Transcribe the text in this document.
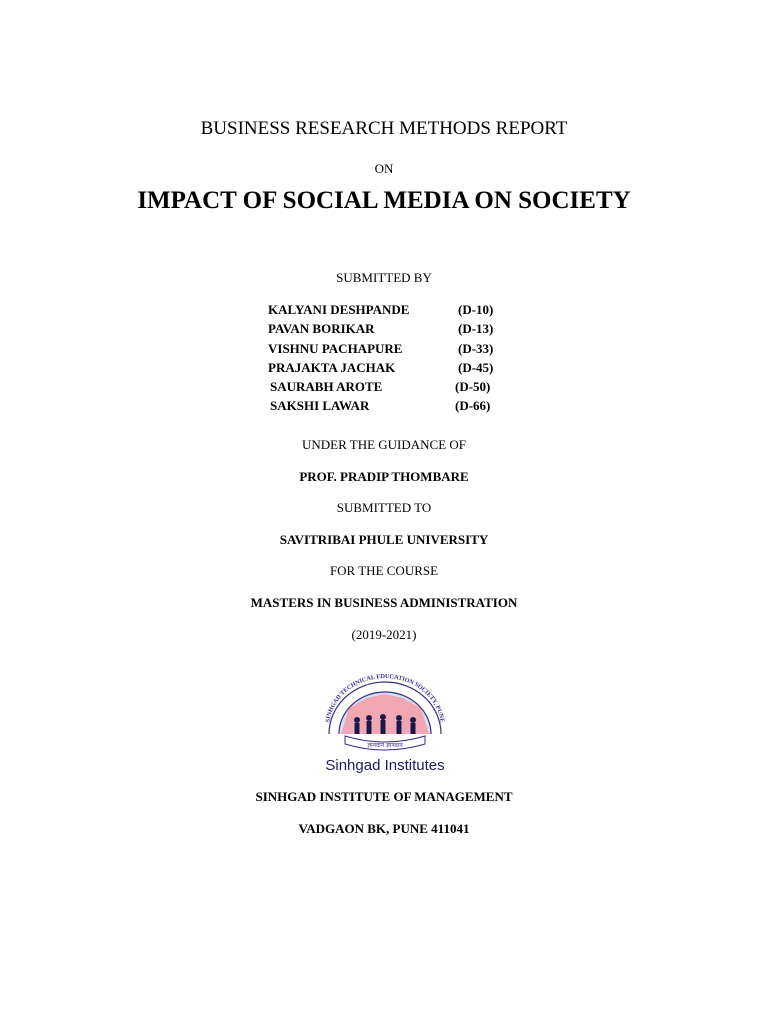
BUSINESS RESEARCH METHODS REPORT
ON
IMPACT OF SOCIAL MEDIA ON SOCIETY
SUBMITTED BY
KALYANI DESHPANDE	(D-10)
PAVAN BORIKAR	(D-13)
VISHNU PACHAPURE	(D-33)
PRAJAKTA JACHAK	(D-45)
SAURABH AROTE	(D-50)
SAKSHI LAWAR	(D-66)
UNDER THE GUIDANCE OF
PROF. PRADIP THOMBARE
SUBMITTED TO
SAVITRIBAI PHULE UNIVERSITY
FOR THE COURSE
MASTERS IN BUSINESS ADMINISTRATION
(2019-2021)
SINHGAD TECHNICAL EDUCATION SOCIETY, PUNE
ज्ञानदान ज्ञानदान
Sinhgad Institutes
SINHGAD INSTITUTE OF MANAGEMENT
VADGAON BK, PUNE 411041
